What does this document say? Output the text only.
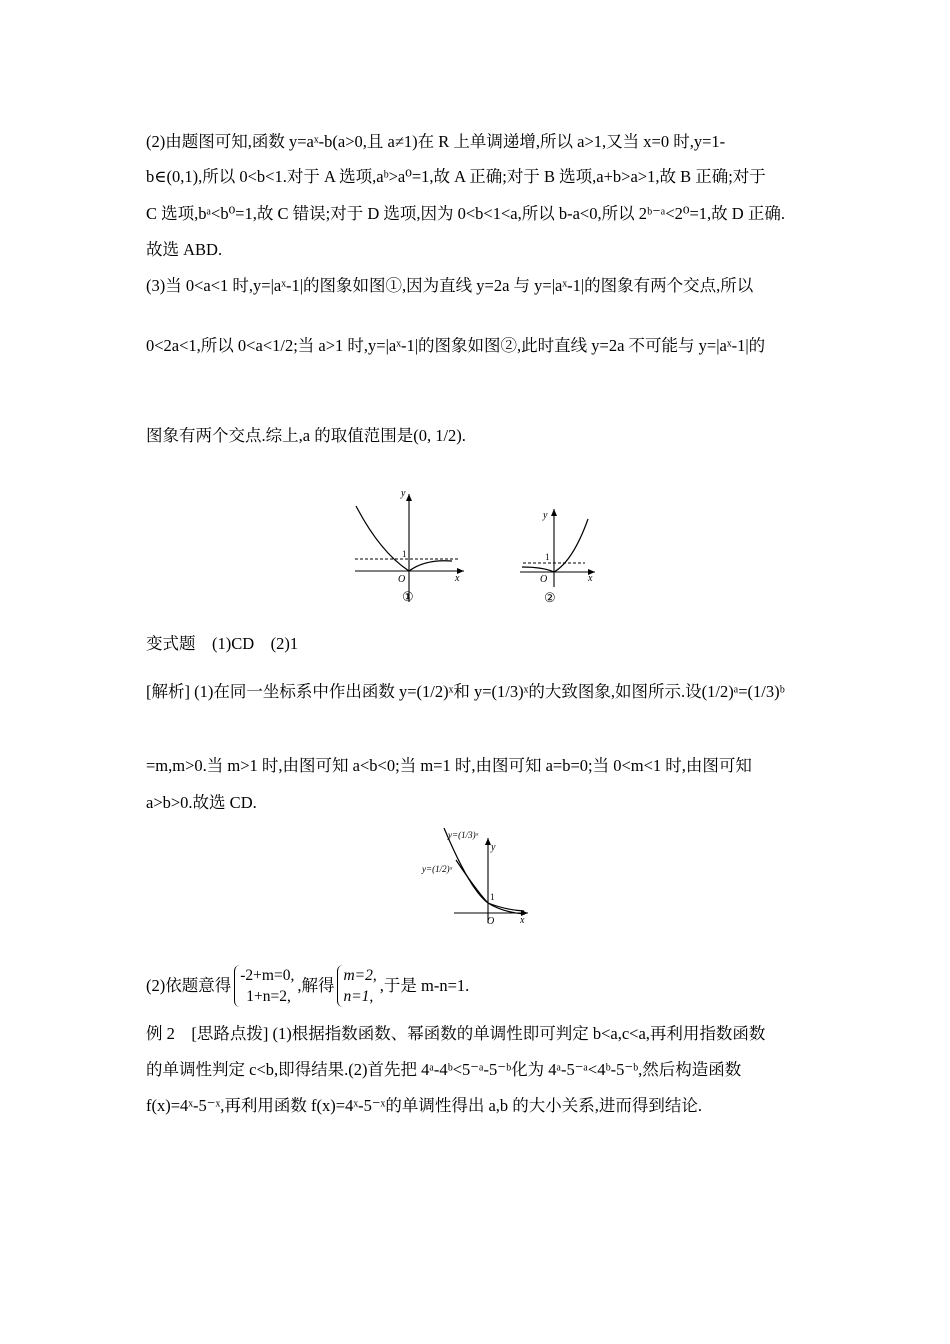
(2)由题图可知,函数 y=aˣ-b(a>0,且 a≠1)在 R 上单调递增,所以 a>1,又当 x=0 时,y=1-
b∈(0,1),所以 0<b<1.对于 A 选项,aᵇ>a⁰=1,故 A 正确;对于 B 选项,a+b>a>1,故 B 正确;对于
C 选项,bᵃ<b⁰=1,故 C 错误;对于 D 选项,因为 0<b<1<a,所以 b-a<0,所以 2ᵇ⁻ᵃ<2⁰=1,故 D 正确.
故选 ABD.
(3)当 0<a<1 时,y=|aˣ-1|的图象如图①,因为直线 y=2a 与 y=|aˣ-1|的图象有两个交点,所以
0<2a<1,所以 0<a<1/2;当 a>1 时,y=|aˣ-1|的图象如图②,此时直线 y=2a 不可能与 y=|aˣ-1|的
图象有两个交点.综上,a 的取值范围是(0, 1/2).
y
x
O
1
①
y
x
O
1
②
变式题　(1)CD　(2)1
[解析] (1)在同一坐标系中作出函数 y=(1/2)ˣ和 y=(1/3)ˣ的大致图象,如图所示.设(1/2)ᵃ=(1/3)ᵇ
=m,m>0.当 m>1 时,由图可知 a<b<0;当 m=1 时,由图可知 a=b=0;当 0<m<1 时,由图可知
a>b>0.故选 CD.
y=(1/3)ˣ
y=(1/2)ˣ
y
x
O
1
(2)依题意得
-2+m=0,
1+n=2,
,解得
m=2,
n=1,
,于是 m-n=1.
例 2　[思路点拨] (1)根据指数函数、幂函数的单调性即可判定 b<a,c<a,再利用指数函数
的单调性判定 c<b,即得结果.(2)首先把 4ᵃ-4ᵇ<5⁻ᵃ-5⁻ᵇ化为 4ᵃ-5⁻ᵃ<4ᵇ-5⁻ᵇ,然后构造函数
f(x)=4ˣ-5⁻ˣ,再利用函数 f(x)=4ˣ-5⁻ˣ的单调性得出 a,b 的大小关系,进而得到结论.
